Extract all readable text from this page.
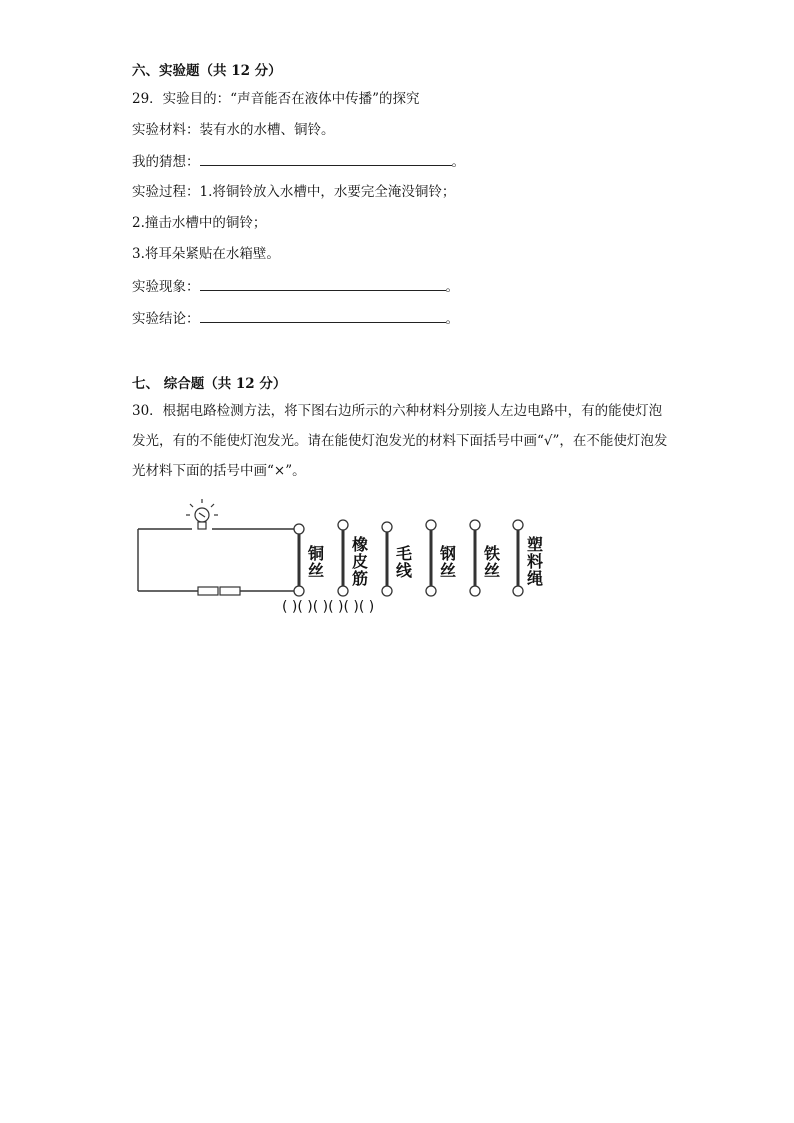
六、实验题（共 12 分）
29．实验目的：“声音能否在液体中传播”的探究
实验材料：装有水的水槽、铜铃。
我的猜想：	。
实验过程：1.将铜铃放入水槽中，水要完全淹没铜铃；
2.撞击水槽中的铜铃；
3.将耳朵紧贴在水箱壁。
实验现象：	。
实验结论：	。
七、 综合题（共 12 分）
30．根据电路检测方法，将下图右边所示的六种材料分别接人左边电路中，有的能使灯泡发光，有的不能使灯泡发光。请在能使灯泡发光的材料下面括号中画“√”，在不能使灯泡发光材料下面的括号中画“×”。
铜
丝
橡
皮
筋
毛
线
钢
丝
铁
丝
塑
料
绳
( )( )( )( )( )( )
